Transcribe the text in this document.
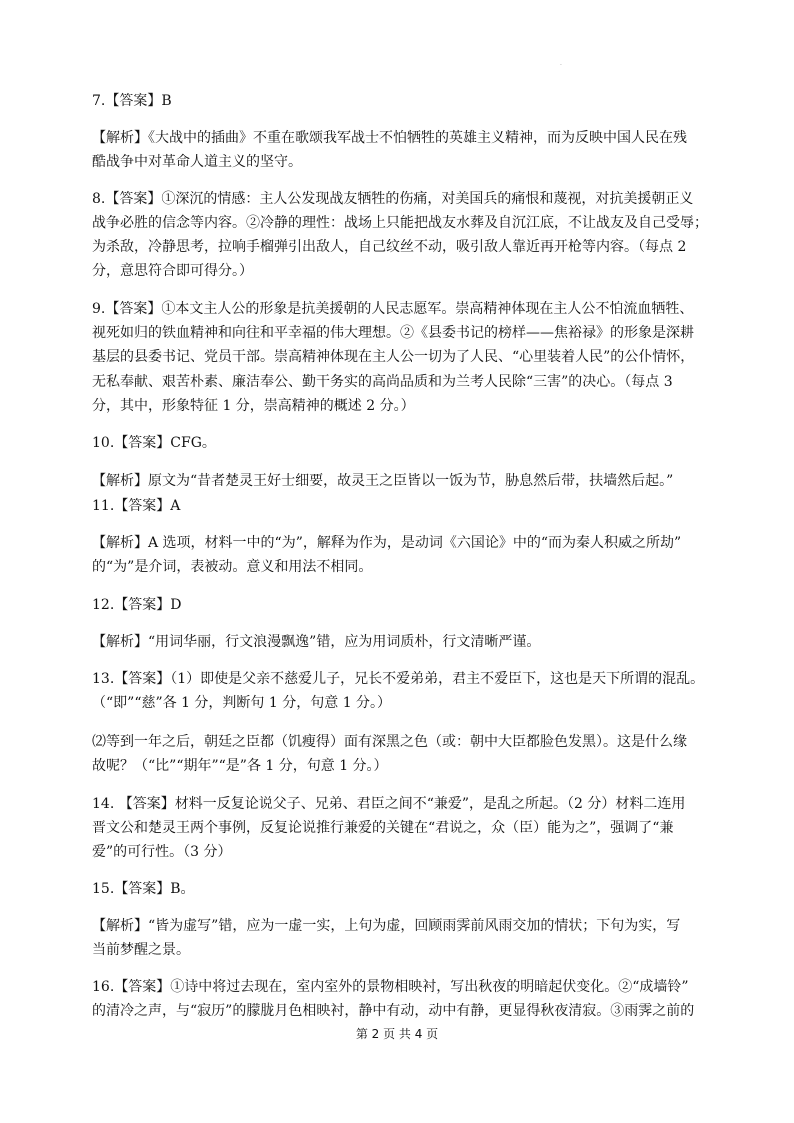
.
7.【答案】B
【解析】《大战中的插曲》不重在歌颂我军战士不怕牺牲的英雄主义精神，而为反映中国人民在残
酷战争中对革命人道主义的坚守。
8.【答案】①深沉的情感：主人公发现战友牺牲的伤痛，对美国兵的痛恨和蔑视，对抗美援朝正义
战争必胜的信念等内容。②冷静的理性：战场上只能把战友水葬及自沉江底，不让战友及自己受辱；
为杀敌，冷静思考，拉响手榴弹引出敌人，自己纹丝不动，吸引敌人靠近再开枪等内容。（每点 2
分，意思符合即可得分。）
9.【答案】①本文主人公的形象是抗美援朝的人民志愿军。崇高精神体现在主人公不怕流血牺牲、
视死如归的铁血精神和向往和平幸福的伟大理想。②《县委书记的榜样——焦裕禄》的形象是深耕
基层的县委书记、党员干部。崇高精神体现在主人公一切为了人民、“心里装着人民”的公仆情怀，
无私奉献、艰苦朴素、廉洁奉公、勤干务实的高尚品质和为兰考人民除“三害”的决心。（每点 3
分，其中，形象特征 1 分，崇高精神的概述 2 分。）
10.【答案】CFG。
【解析】原文为“昔者楚灵王好士细要，故灵王之臣皆以一饭为节，胁息然后带，扶墙然后起。”
11.【答案】A
【解析】A 选项，材料一中的“为”，解释为作为，是动词《六国论》中的“而为秦人积威之所劫”
的“为”是介词，表被动。意义和用法不相同。
12.【答案】D
【解析】“用词华丽，行文浪漫飘逸”错，应为用词质朴，行文清晰严谨。
13.【答案】（1）即使是父亲不慈爱儿子，兄长不爱弟弟，君主不爱臣下，这也是天下所谓的混乱。
（“即”“慈”各 1 分，判断句 1 分，句意 1 分。）
⑵等到一年之后，朝廷之臣都（饥瘦得）面有深黑之色（或：朝中大臣都脸色发黑）。这是什么缘
故呢？（“比”“期年”“是”各 1 分，句意 1 分。）
14. 【答案】材料一反复论说父子、兄弟、君臣之间不“兼爱”，是乱之所起。（2 分）材料二连用
晋文公和楚灵王两个事例，反复论说推行兼爱的关键在“君说之，众（臣）能为之”，强调了“兼
爱”的可行性。（3 分）
15.【答案】B。
【解析】“皆为虚写”错，应为一虚一实，上句为虚，回顾雨霁前风雨交加的情状；下句为实，写
当前梦醒之景。
16.【答案】①诗中将过去现在，室内室外的景物相映衬，写出秋夜的明暗起伏变化。②“成墙铃”
的清冷之声，与“寂历”的朦胧月色相映衬，静中有动，动中有静，更显得秋夜清寂。③雨霁之前的
第 2 页 共 4 页
